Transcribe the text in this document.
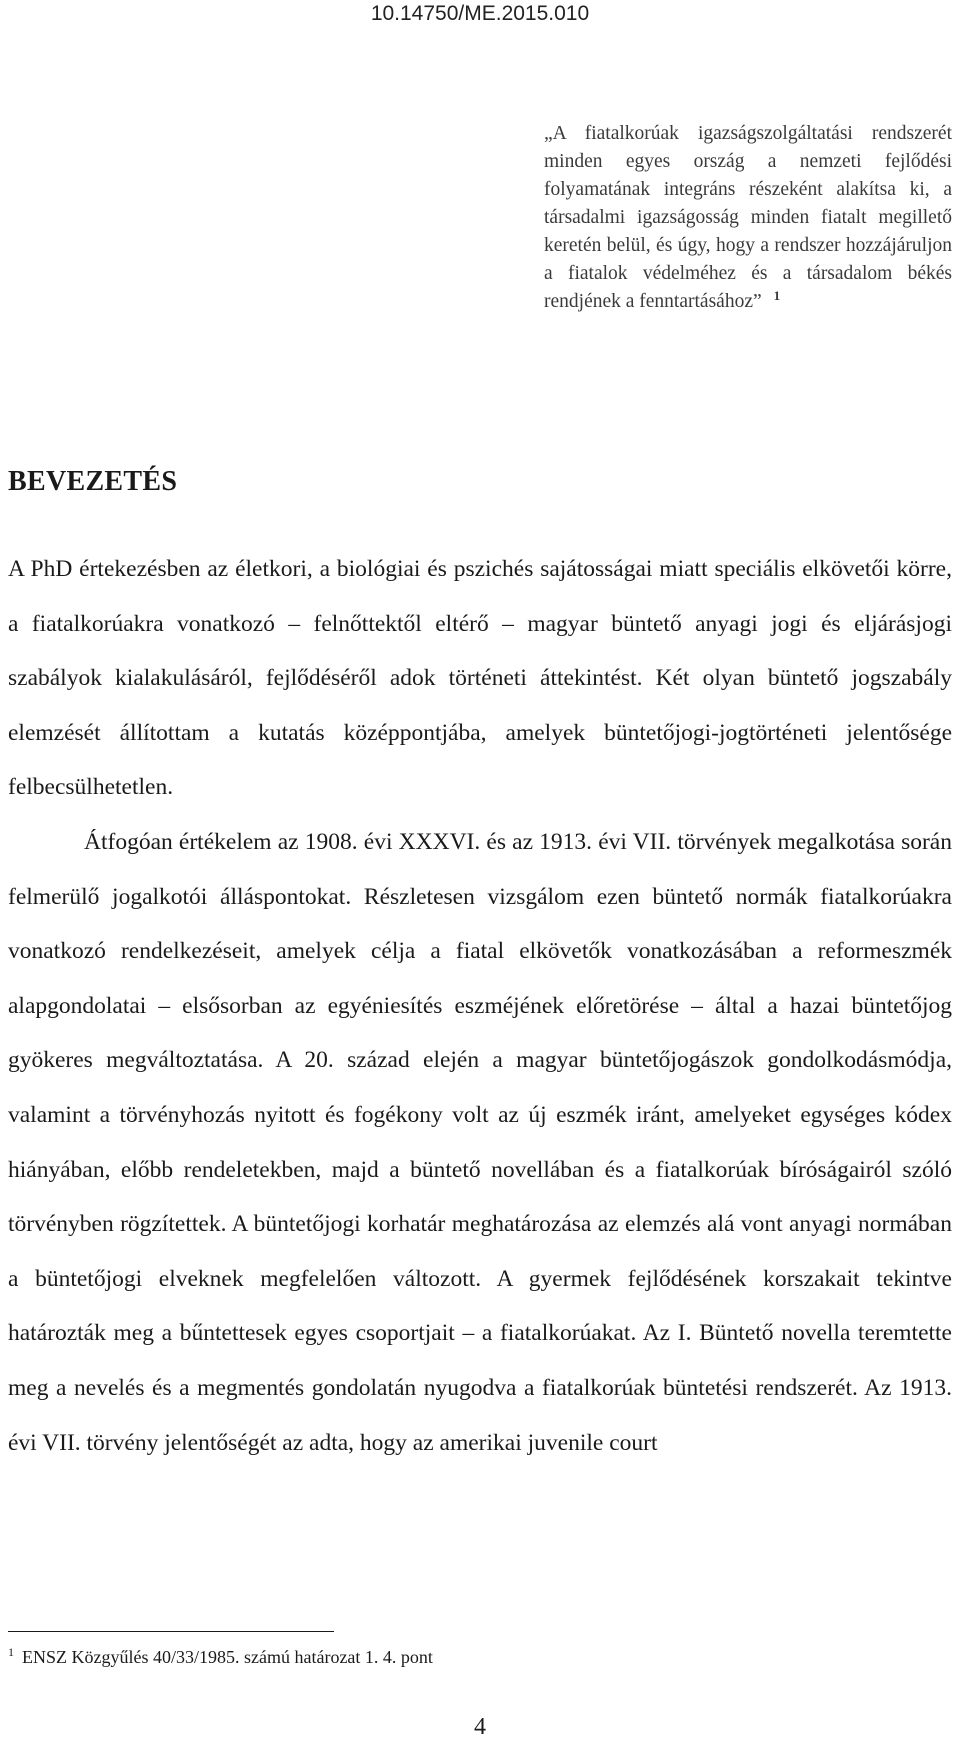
10.14750/ME.2015.010
„A fiatalkorúak igazságszolgáltatási rendszerét minden egyes ország a nemzeti fejlődési folyamatának integráns részeként alakítsa ki, a társadalmi igazságosság minden fiatalt megillető keretén belül, és úgy, hogy a rendszer hozzájáruljon a fiatalok védelméhez és a társadalom békés rendjének a fenntartásához” $^1$
BEVEZETÉS

A PhD értekezésben az életkori, a biológiai és pszichés sajátosságai miatt speciális elkövetői körre, a fiatalkorúakra vonatkozó – felnőttektől eltérő – magyar büntető anyagi jogi és eljárásjogi szabályok kialakulásáról, fejlődéséről adok történeti áttekintést. Két olyan büntető jogszabály elemzését állítottam a kutatás középpontjába, amelyek büntetőjogi-jogtörténeti jelentősége felbecsülhetetlen.

Átfogóan értékelem az 1908. évi XXXVI. és az 1913. évi VII. törvények megalkotása során felmerülő jogalkotói álláspontokat. Részletesen vizsgálom ezen büntető normák fiatalkorúakra vonatkozó rendelkezéseit, amelyek célja a fiatal elkövetők vonatkozásában a reformeszmék alapgondolatai – elsősorban az egyéniesítés eszméjének előretörése – által a hazai büntetőjog gyökeres megváltoztatása. A 20. század elején a magyar büntetőjogászok gondolkodásmódja, valamint a törvényhozás nyitott és fogékony volt az új eszmék iránt, amelyeket egységes kódex hiányában, előbb rendeletekben, majd a büntető novellában és a fiatalkorúak bíróságairól szóló törvényben rögzítettek. A büntetőjogi korhatár meghatározása az elemzés alá vont anyagi normában a büntetőjogi elveknek megfelelően változott. A gyermek fejlődésének korszakait tekintve határozták meg a bűntettesek egyes csoportjait – a fiatalkorúakat. Az I. Büntető novella teremtette meg a nevelés és a megmentés gondolatán nyugodva a fiatalkorúak büntetési rendszerét. Az 1913. évi VII. törvény jelentőségét az adta, hogy az amerikai juvenile court

$^1$ ENSZ Közgyűlés 40/33/1985. számú határozat 1. 4. pont
4
